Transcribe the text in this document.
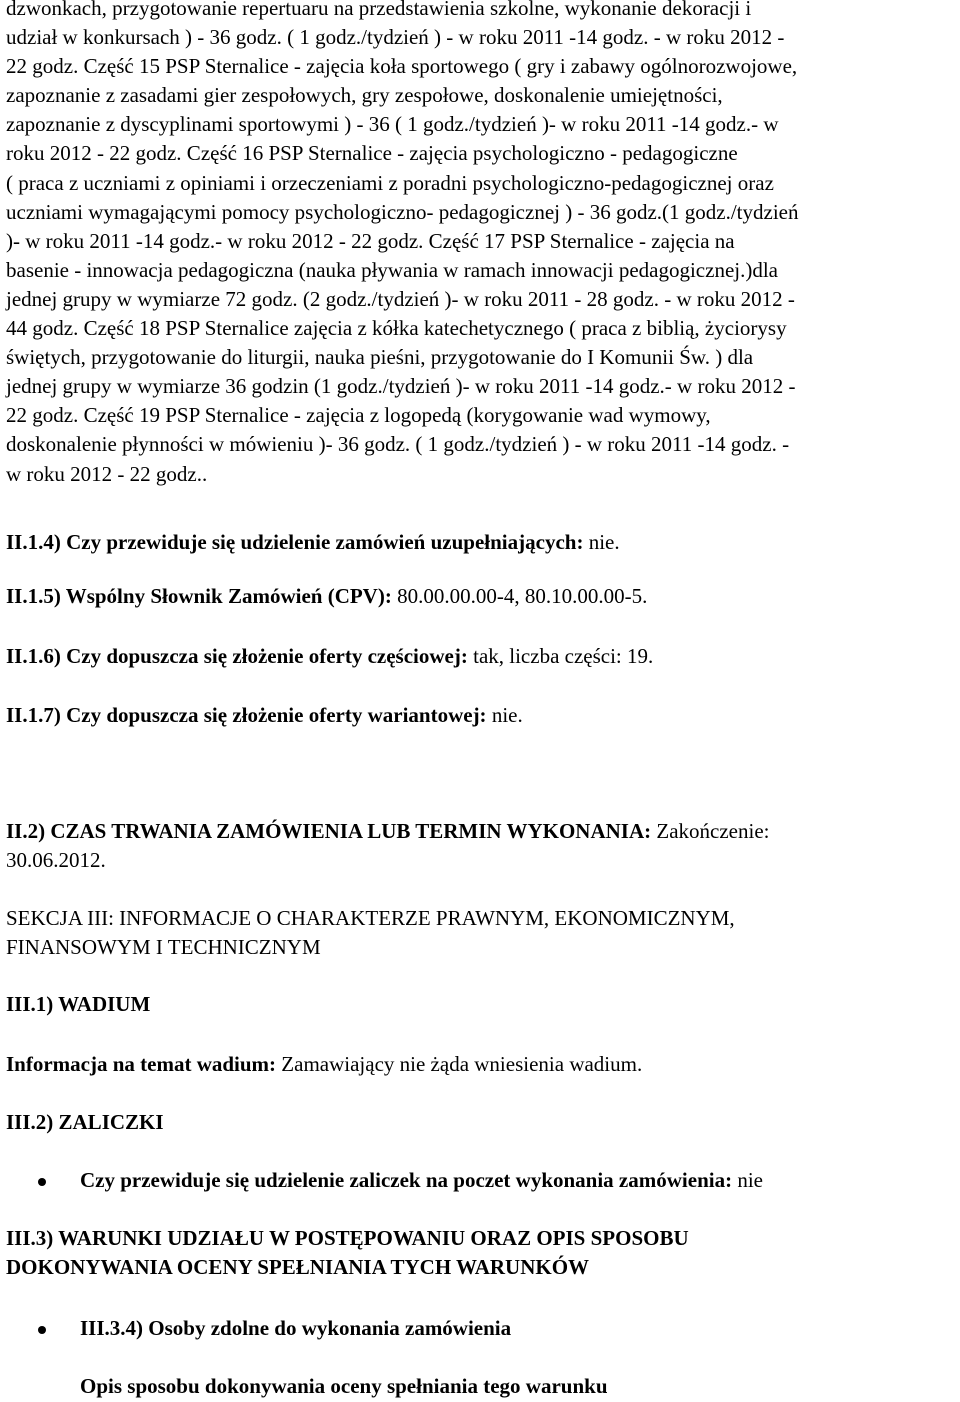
dzwonkach, przygotowanie repertuaru na przedstawienia szkolne, wykonanie dekoracji i
udział w konkursach ) - 36 godz. ( 1 godz./tydzień ) - w roku 2011 -14 godz. - w roku 2012 -
22 godz. Część 15 PSP Sternalice - zajęcia koła sportowego ( gry i zabawy ogólnorozwojowe,
zapoznanie z zasadami gier zespołowych, gry zespołowe, doskonalenie umiejętności,
zapoznanie z dyscyplinami sportowymi ) - 36 ( 1 godz./tydzień )- w roku 2011 -14 godz.- w
roku 2012 - 22 godz. Część 16 PSP Sternalice - zajęcia psychologiczno - pedagogiczne
( praca z uczniami z opiniami i orzeczeniami z poradni psychologiczno-pedagogicznej oraz
uczniami wymagającymi pomocy psychologiczno- pedagogicznej ) - 36 godz.(1 godz./tydzień
)- w roku 2011 -14 godz.- w roku 2012 - 22 godz. Część 17 PSP Sternalice - zajęcia na
basenie - innowacja pedagogiczna (nauka pływania w ramach innowacji pedagogicznej.)dla
jednej grupy w wymiarze 72 godz. (2 godz./tydzień )- w roku 2011 - 28 godz. - w roku 2012 -
44 godz. Część 18 PSP Sternalice zajęcia z kółka katechetycznego ( praca z biblią, życiorysy
świętych, przygotowanie do liturgii, nauka pieśni, przygotowanie do I Komunii Św. ) dla
jednej grupy w wymiarze 36 godzin (1 godz./tydzień )- w roku 2011 -14 godz.- w roku 2012 -
22 godz. Część 19 PSP Sternalice - zajęcia z logopedą (korygowanie wad wymowy,
doskonalenie płynności w mówieniu )- 36 godz. ( 1 godz./tydzień ) - w roku 2011 -14 godz. -
w roku 2012 - 22 godz..

II.1.4) Czy przewiduje się udzielenie zamówień uzupełniających: nie.

II.1.5) Wspólny Słownik Zamówień (CPV): 80.00.00.00-4, 80.10.00.00-5.

II.1.6) Czy dopuszcza się złożenie oferty częściowej: tak, liczba części: 19.

II.1.7) Czy dopuszcza się złożenie oferty wariantowej: nie.

II.2) CZAS TRWANIA ZAMÓWIENIA LUB TERMIN WYKONANIA: Zakończenie:
30.06.2012.

SEKCJA III: INFORMACJE O CHARAKTERZE PRAWNYM, EKONOMICZNYM,
FINANSOWYM I TECHNICZNYM

III.1) WADIUM

Informacja na temat wadium: Zamawiający nie żąda wniesienia wadium.

III.2) ZALICZKI

Czy przewiduje się udzielenie zaliczek na poczet wykonania zamówienia: nie

III.3) WARUNKI UDZIAŁU W POSTĘPOWANIU ORAZ OPIS SPOSOBU
DOKONYWANIA OCENY SPEŁNIANIA TYCH WARUNKÓW

III.3.4) Osoby zdolne do wykonania zamówienia

Opis sposobu dokonywania oceny spełniania tego warunku
